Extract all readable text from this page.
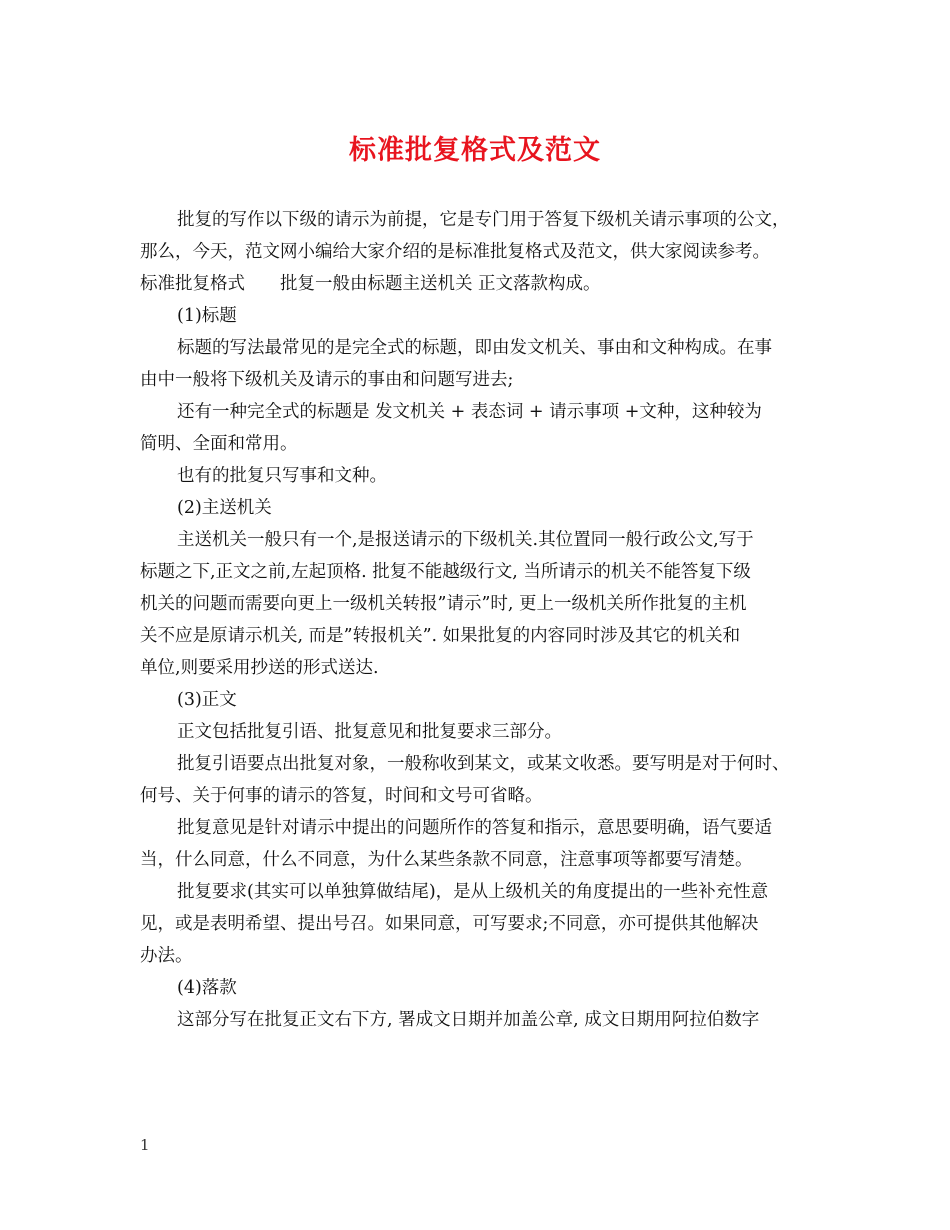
标准批复格式及范文
批复的写作以下级的请示为前提，它是专门用于答复下级机关请示事项的公文，
那么，今天，范文网小编给大家介绍的是标准批复格式及范文，供大家阅读参考。
标准批复格式　　批复一般由标题主送机关 正文落款构成。
(1)标题
标题的写法最常见的是完全式的标题，即由发文机关、事由和文种构成。在事
由中一般将下级机关及请示的事由和问题写进去;
还有一种完全式的标题是 发文机关 + 表态词 + 请示事项 +文种，这种较为
简明、全面和常用。
也有的批复只写事和文种。
(2)主送机关
主送机关一般只有一个,是报送请示的下级机关.其位置同一般行政公文,写于
标题之下,正文之前,左起顶格. 批复不能越级行文, 当所请示的机关不能答复下级
机关的问题而需要向更上一级机关转报”请示”时, 更上一级机关所作批复的主机
关不应是原请示机关, 而是”转报机关”. 如果批复的内容同时涉及其它的机关和
单位,则要采用抄送的形式送达.
(3)正文
正文包括批复引语、批复意见和批复要求三部分。
批复引语要点出批复对象，一般称收到某文，或某文收悉。要写明是对于何时、
何号、关于何事的请示的答复，时间和文号可省略。
批复意见是针对请示中提出的问题所作的答复和指示，意思要明确，语气要适
当，什么同意，什么不同意，为什么某些条款不同意，注意事项等都要写清楚。
批复要求(其实可以单独算做结尾)，是从上级机关的角度提出的一些补充性意
见，或是表明希望、提出号召。如果同意，可写要求;不同意，亦可提供其他解决
办法。
(4)落款
这部分写在批复正文右下方, 署成文日期并加盖公章, 成文日期用阿拉伯数字
1
